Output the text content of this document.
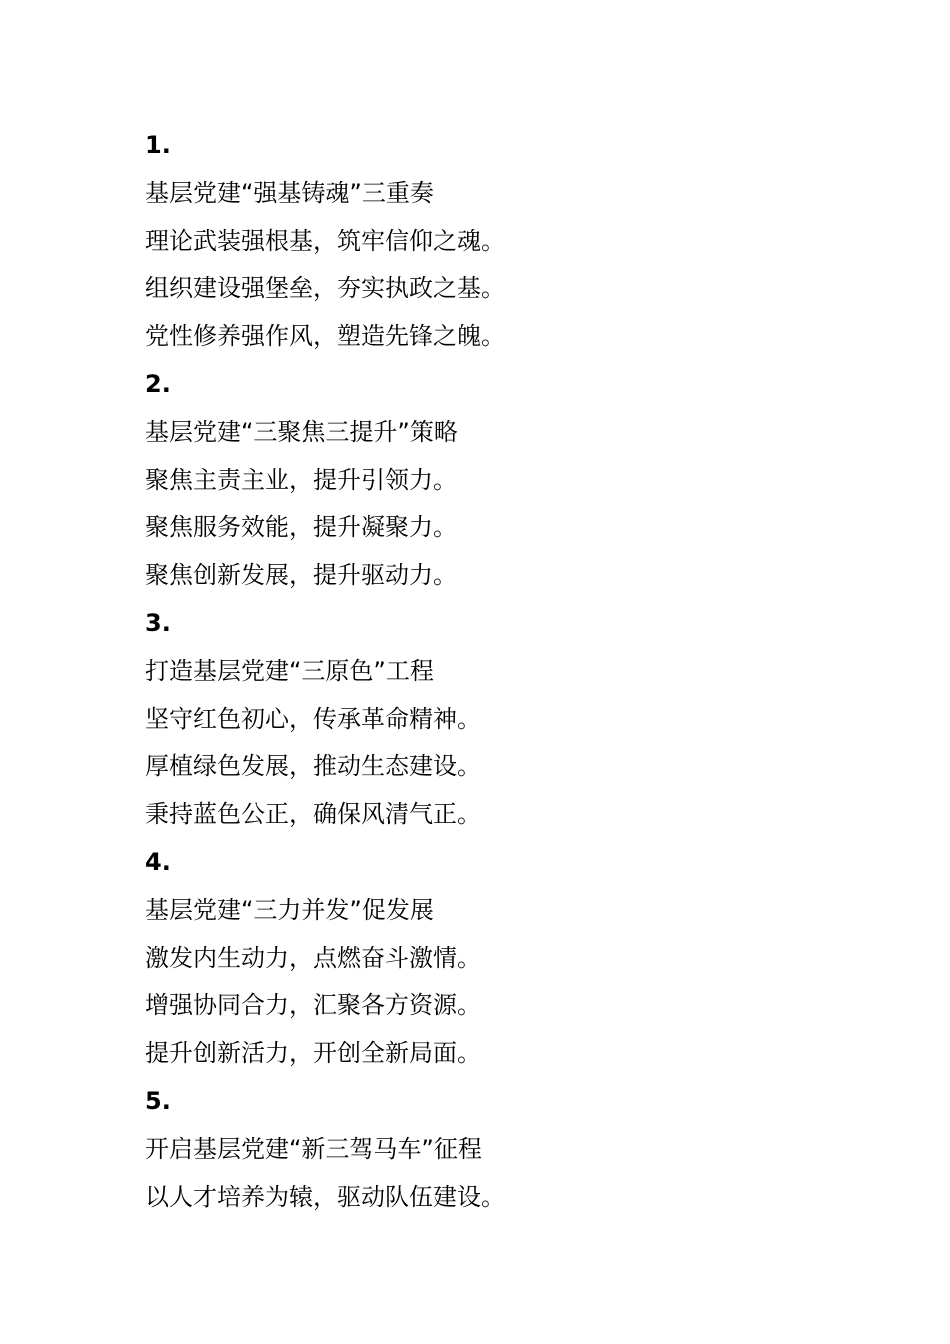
1.
基层党建“强基铸魂”三重奏
理论武装强根基，筑牢信仰之魂。
组织建设强堡垒，夯实执政之基。
党性修养强作风，塑造先锋之魄。
2.
基层党建“三聚焦三提升”策略
聚焦主责主业，提升引领力。
聚焦服务效能，提升凝聚力。
聚焦创新发展，提升驱动力。
3.
打造基层党建“三原色”工程
坚守红色初心，传承革命精神。
厚植绿色发展，推动生态建设。
秉持蓝色公正，确保风清气正。
4.
基层党建“三力并发”促发展
激发内生动力，点燃奋斗激情。
增强协同合力，汇聚各方资源。
提升创新活力，开创全新局面。
5.
开启基层党建“新三驾马车”征程
以人才培养为辕，驱动队伍建设。
